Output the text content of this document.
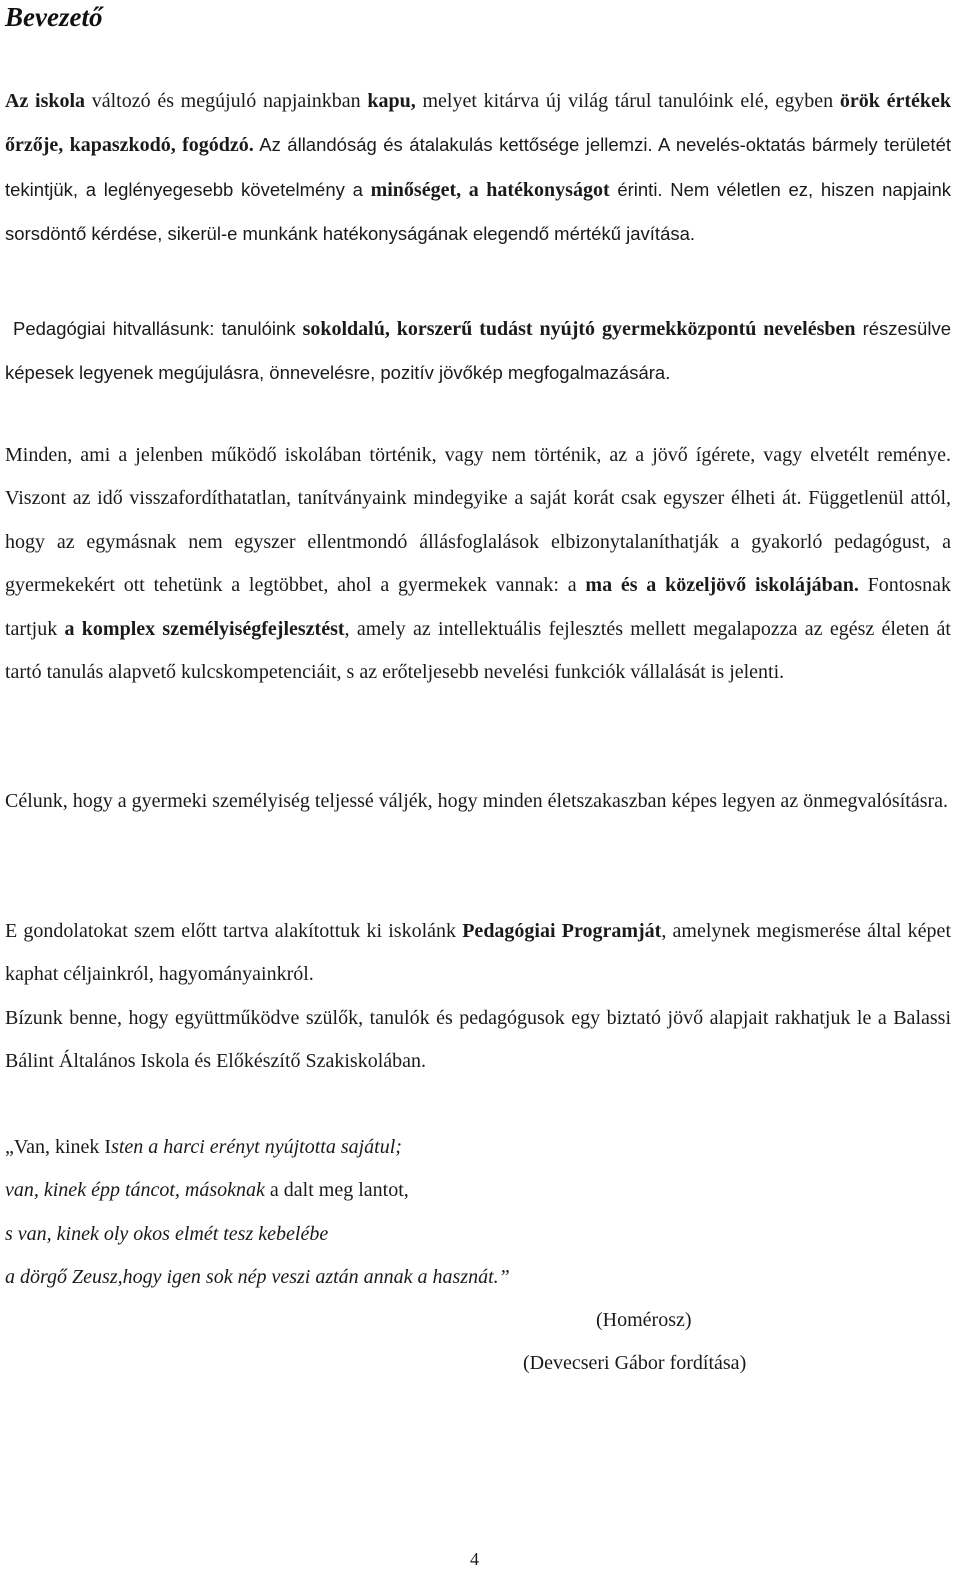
Bevezető

Az iskola változó és megújuló napjainkban kapu, melyet kitárva új világ tárul tanulóink elé, egyben örök értékek őrzője, kapaszkodó, fogódzó. Az állandóság és átalakulás kettősége jellemzi. A nevelés-oktatás bármely területét tekintjük, a leglényegesebb követelmény a minőséget, a hatékonyságot érinti. Nem véletlen ez, hiszen napjaink sorsdöntő kérdése, sikerül-e munkánk hatékonyságának elegendő mértékű javítása.

Pedagógiai hitvallásunk: tanulóink sokoldalú, korszerű tudást nyújtó gyermekközpontú nevelésben részesülve képesek legyenek megújulásra, önnevelésre, pozitív jövőkép megfogalmazására.

Minden, ami a jelenben működő iskolában történik, vagy nem történik, az a jövő ígérete, vagy elvetélt reménye. Viszont az idő visszafordíthatatlan, tanítványaink mindegyike a saját korát csak egyszer élheti át. Függetlenül attól, hogy az egymásnak nem egyszer ellentmondó állásfoglalások elbizonytalaníthatják a gyakorló pedagógust, a gyermekekért ott tehetünk a legtöbbet, ahol a gyermekek vannak: a ma és a közeljövő iskolájában. Fontosnak tartjuk a komplex személyiségfejlesztést, amely az intellektuális fejlesztés mellett megalapozza az egész életen át tartó tanulás alapvető kulcskompetenciáit, s az erőteljesebb nevelési funkciók vállalását is jelenti.

Célunk, hogy a gyermeki személyiség teljessé váljék, hogy minden életszakaszban képes legyen az önmegvalósításra.

E gondolatokat szem előtt tartva alakítottuk ki iskolánk Pedagógiai Programját, amelynek megismerése által képet kaphat céljainkról, hagyományainkról.

Bízunk benne, hogy együttműködve szülők, tanulók és pedagógusok egy biztató jövő alapjait rakhatjuk le a Balassi Bálint Általános Iskola és Előkészítő Szakiskolában.

„Van, kinek Isten a harci erényt nyújtotta sajátul;
van, kinek épp táncot, másoknak a dalt meg lantot,
s van, kinek oly okos elmét tesz kebelébe
a dörgő Zeusz,hogy igen sok nép veszi aztán annak a hasznát.”

(Homérosz)

(Devecseri Gábor fordítása)

4
